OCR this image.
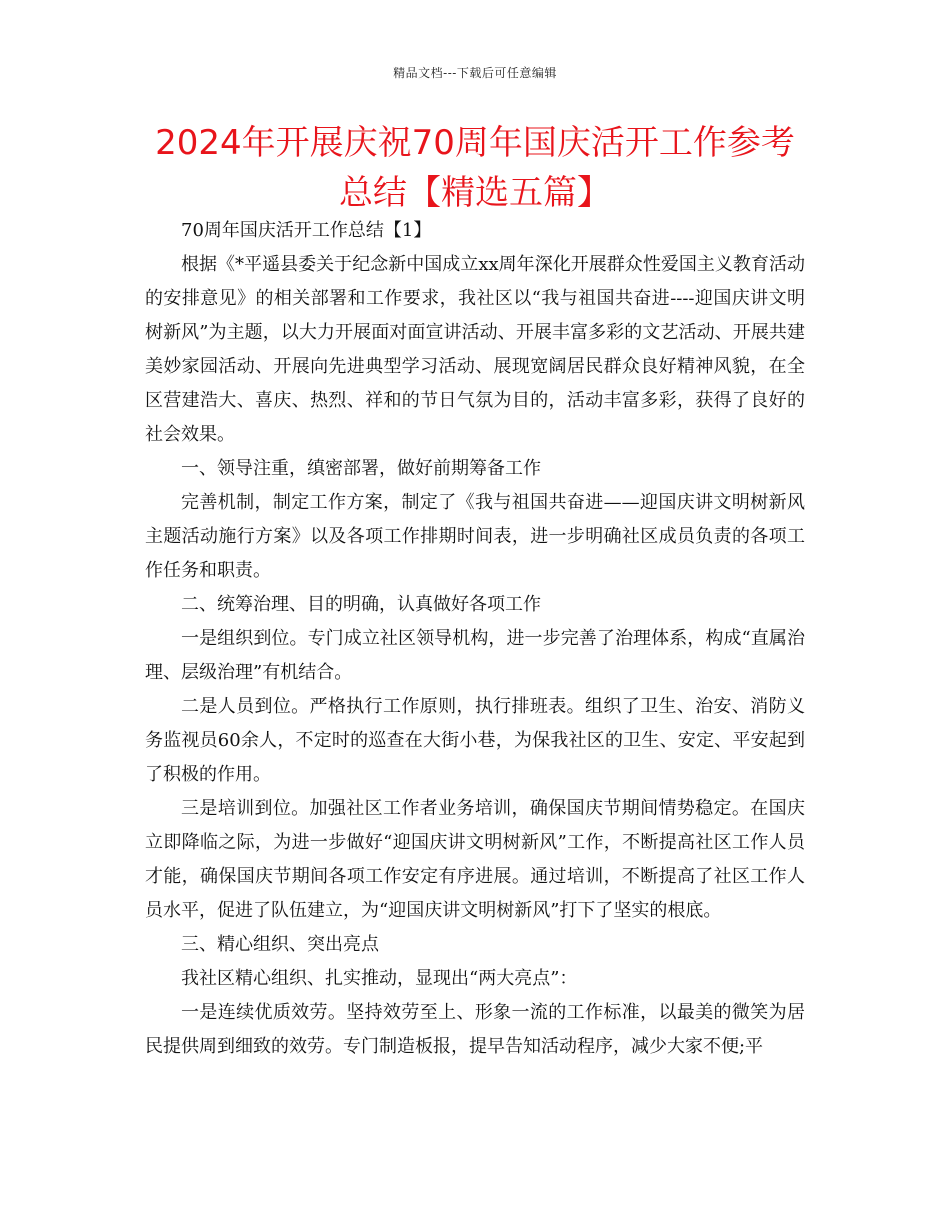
精品文档---下载后可任意编辑
2024年开展庆祝70周年国庆活开工作参考总结【精选五篇】

70周年国庆活开工作总结【1】

根据《*平遥县委关于纪念新中国成立xx周年深化开展群众性爱国主义教育活动的安排意见》的相关部署和工作要求，我社区以“我与祖国共奋进----迎国庆讲文明树新风”为主题，以大力开展面对面宣讲活动、开展丰富多彩的文艺活动、开展共建美妙家园活动、开展向先进典型学习活动、展现宽阔居民群众良好精神风貌，在全区营建浩大、喜庆、热烈、祥和的节日气氛为目的，活动丰富多彩，获得了良好的社会效果。

一、领导注重，缜密部署，做好前期筹备工作

完善机制，制定工作方案，制定了《我与祖国共奋进——迎国庆讲文明树新风主题活动施行方案》以及各项工作排期时间表，进一步明确社区成员负责的各项工作任务和职责。

二、统筹治理、目的明确，认真做好各项工作

一是组织到位。专门成立社区领导机构，进一步完善了治理体系，构成“直属治理、层级治理”有机结合。

二是人员到位。严格执行工作原则，执行排班表。组织了卫生、治安、消防义务监视员60余人，不定时的巡查在大街小巷，为保我社区的卫生、安定、平安起到了积极的作用。

三是培训到位。加强社区工作者业务培训，确保国庆节期间情势稳定。在国庆立即降临之际，为进一步做好“迎国庆讲文明树新风”工作，不断提高社区工作人员才能，确保国庆节期间各项工作安定有序进展。通过培训，不断提高了社区工作人员水平，促进了队伍建立，为“迎国庆讲文明树新风”打下了坚实的根底。

三、精心组织、突出亮点

我社区精心组织、扎实推动，显现出“两大亮点”：

一是连续优质效劳。坚持效劳至上、形象一流的工作标准，以最美的微笑为居民提供周到细致的效劳。专门制造板报，提早告知活动程序，减少大家不便;平
